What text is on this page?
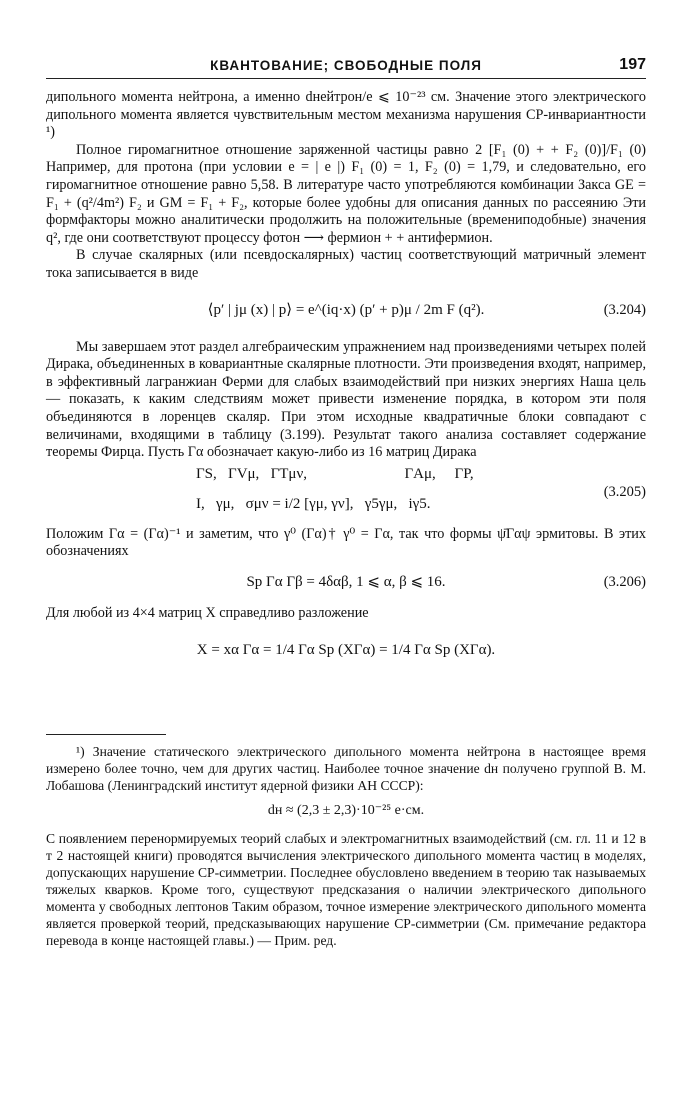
КВАНТОВАНИЕ; СВОБОДНЫЕ ПОЛЯ	197

дипольного момента нейтрона, а именно dнейтрон/e ⩽ 10⁻²³ см. Значение этого электрического дипольного момента является чувствительным местом механизма нарушения CP-инвариантности ¹)

Полное гиромагнитное отношение заряженной частицы равно 2 [F₁ (0) + + F₂ (0)]/F₁ (0) Например, для протона (при условии e = | e |) F₁ (0) = 1, F₂ (0) = 1,79, и следовательно, его гиромагнитное отношение равно 5,58. В литературе часто употребляются комбинации Закса GE = F₁ + (q²/4m²) F₂ и GM = F₁ + F₂, которые более удобны для описания данных по рассеянию Эти формфакторы можно аналитически продолжить на положительные (времениподобные) значения q², где они соответствуют процессу фотон ⟶ фермион + + антифермион.

В случае скалярных (или псевдоскалярных) частиц соответствующий матричный элемент тока записывается в виде

⟨p′ | jμ (x) | p⟩ = e^(iq·x) (p′ + p)μ / 2m F (q²).	(3.204)

Мы завершаем этот раздел алгебраическим упражнением над произведениями четырех полей Дирака, объединенных в ковариантные скалярные плотности. Эти произведения входят, например, в эффективный лагранжиан Ферми для слабых взаимодействий при низких энергиях Наша цель — показать, к каким следствиям может привести изменение порядка, в котором эти поля объединяются в лоренцев скаляр. При этом исходные квадратичные блоки совпадают с величинами, входящими в таблицу (3.199). Результат такого анализа составляет содержание теоремы Фирца. Пусть Γα обозначает какую-либо из 16 матриц Дирака

ΓS, ΓVμ, ΓTμν,	ΓAμ, ΓP,
I, γμ, σμν = i/2 [γμ, γν], γ5γμ, iγ5.
(3.205)

Положим Γα = (Γα)⁻¹ и заметим, что γ⁰ (Γα)† γ⁰ = Γα, так что формы ψ̄Γαψ эрмитовы. В этих обозначениях

Sp Γα Γβ = 4δαβ, 1 ⩽ α, β ⩽ 16.	(3.206)

Для любой из 4×4 матриц X справедливо разложение

X = xα Γα = 1/4 Γα Sp (XΓα) = 1/4 Γα Sp (XΓα).

¹) Значение статического электрического дипольного момента нейтрона в настоящее время измерено более точно, чем для других частиц. Наиболее точное значение dн получено группой В. М. Лобашова (Ленинградский институт ядерной физики АН СССР):

dн ≈ (2,3 ± 2,3)·10⁻²⁵ e·см.

С появлением перенормируемых теорий слабых и электромагнитных взаимодействий (см. гл. 11 и 12 в т 2 настоящей книги) проводятся вычисления электрического дипольного момента частиц в моделях, допускающих нарушение CP-симметрии. Последнее обусловлено введением в теорию так называемых тяжелых кварков. Кроме того, существуют предсказания о наличии электрического дипольного момента у свободных лептонов Таким образом, точное измерение электрического дипольного момента является проверкой теорий, предсказывающих нарушение CP-симметрии (См. примечание редактора перевода в конце настоящей главы.) — Прим. ред.
